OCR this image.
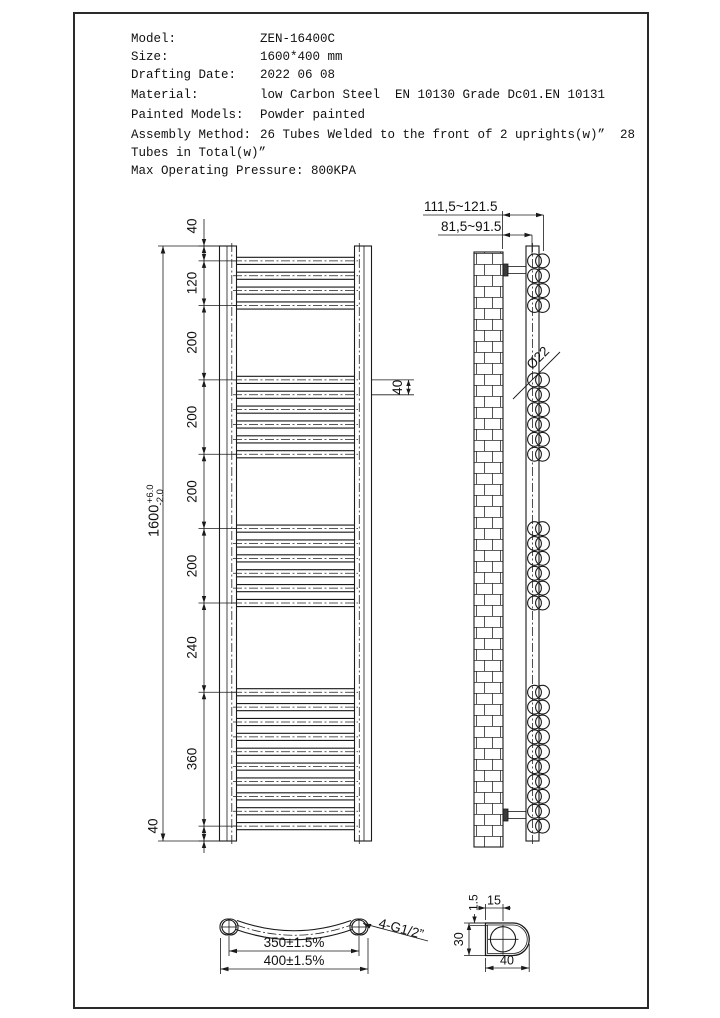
Model:	ZEN-16400C

Size:	1600*400 mm

Drafting Date:	2022 06 08

Material:	low Carbon Steel  EN 10130 Grade Dc01.EN 10131

Painted Models:	Powder painted

Assembly Method: 26 Tubes Welded to the front of 2 uprights(w)”  28

Tubes in Total(w)”

Max Operating Pressure: 800KPA

$1600^{+6.0}-2.0$
40
120
200
200
200
200
240
360
40
40
111,5~121.5
81,5~91.5
Ø22
4-G1/2”
350±1.5%
400±1.5%
15
1.5
30
40
